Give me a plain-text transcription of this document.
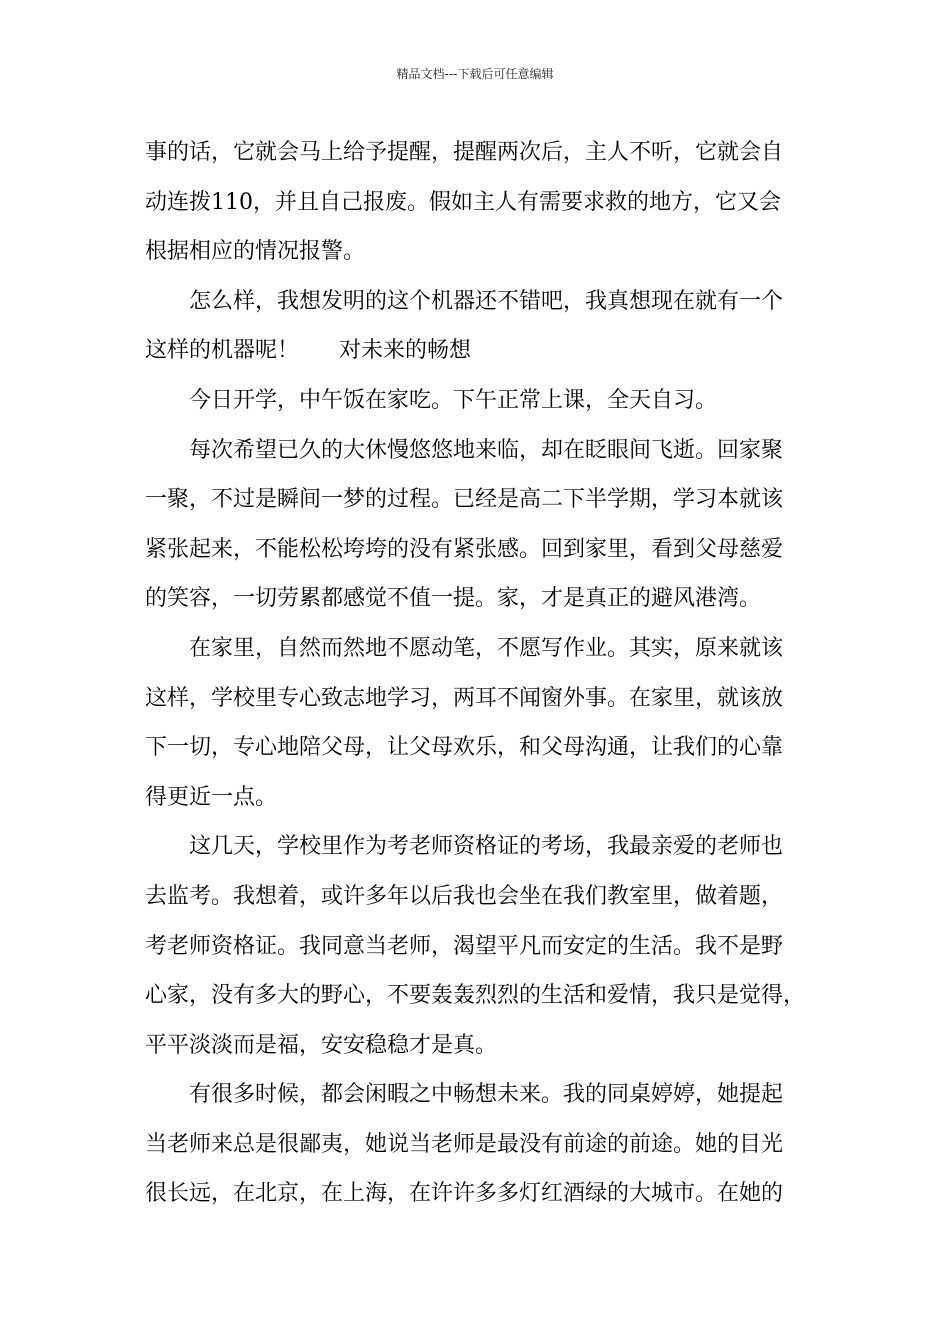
精品文档---下载后可任意编辑
事的话，它就会马上给予提醒，提醒两次后，主人不听，它就会自
动连拨110，并且自己报废。假如主人有需要求救的地方，它又会
根据相应的情况报警。
怎么样，我想发明的这个机器还不错吧，我真想现在就有一个
这样的机器呢！ 对未来的畅想
今日开学，中午饭在家吃。下午正常上课，全天自习。
每次希望已久的大休慢悠悠地来临，却在眨眼间飞逝。回家聚
一聚，不过是瞬间一梦的过程。已经是高二下半学期，学习本就该
紧张起来，不能松松垮垮的没有紧张感。回到家里，看到父母慈爱
的笑容，一切劳累都感觉不值一提。家，才是真正的避风港湾。
在家里，自然而然地不愿动笔，不愿写作业。其实，原来就该
这样，学校里专心致志地学习，两耳不闻窗外事。在家里，就该放
下一切，专心地陪父母，让父母欢乐，和父母沟通，让我们的心靠
得更近一点。
这几天，学校里作为考老师资格证的考场，我最亲爱的老师也
去监考。我想着，或许多年以后我也会坐在我们教室里，做着题，
考老师资格证。我同意当老师，渴望平凡而安定的生活。我不是野
心家，没有多大的野心，不要轰轰烈烈的生活和爱情，我只是觉得，
平平淡淡而是福，安安稳稳才是真。
有很多时候，都会闲暇之中畅想未来。我的同桌婷婷，她提起
当老师来总是很鄙夷，她说当老师是最没有前途的前途。她的目光
很长远，在北京，在上海，在许许多多灯红酒绿的大城市。在她的
